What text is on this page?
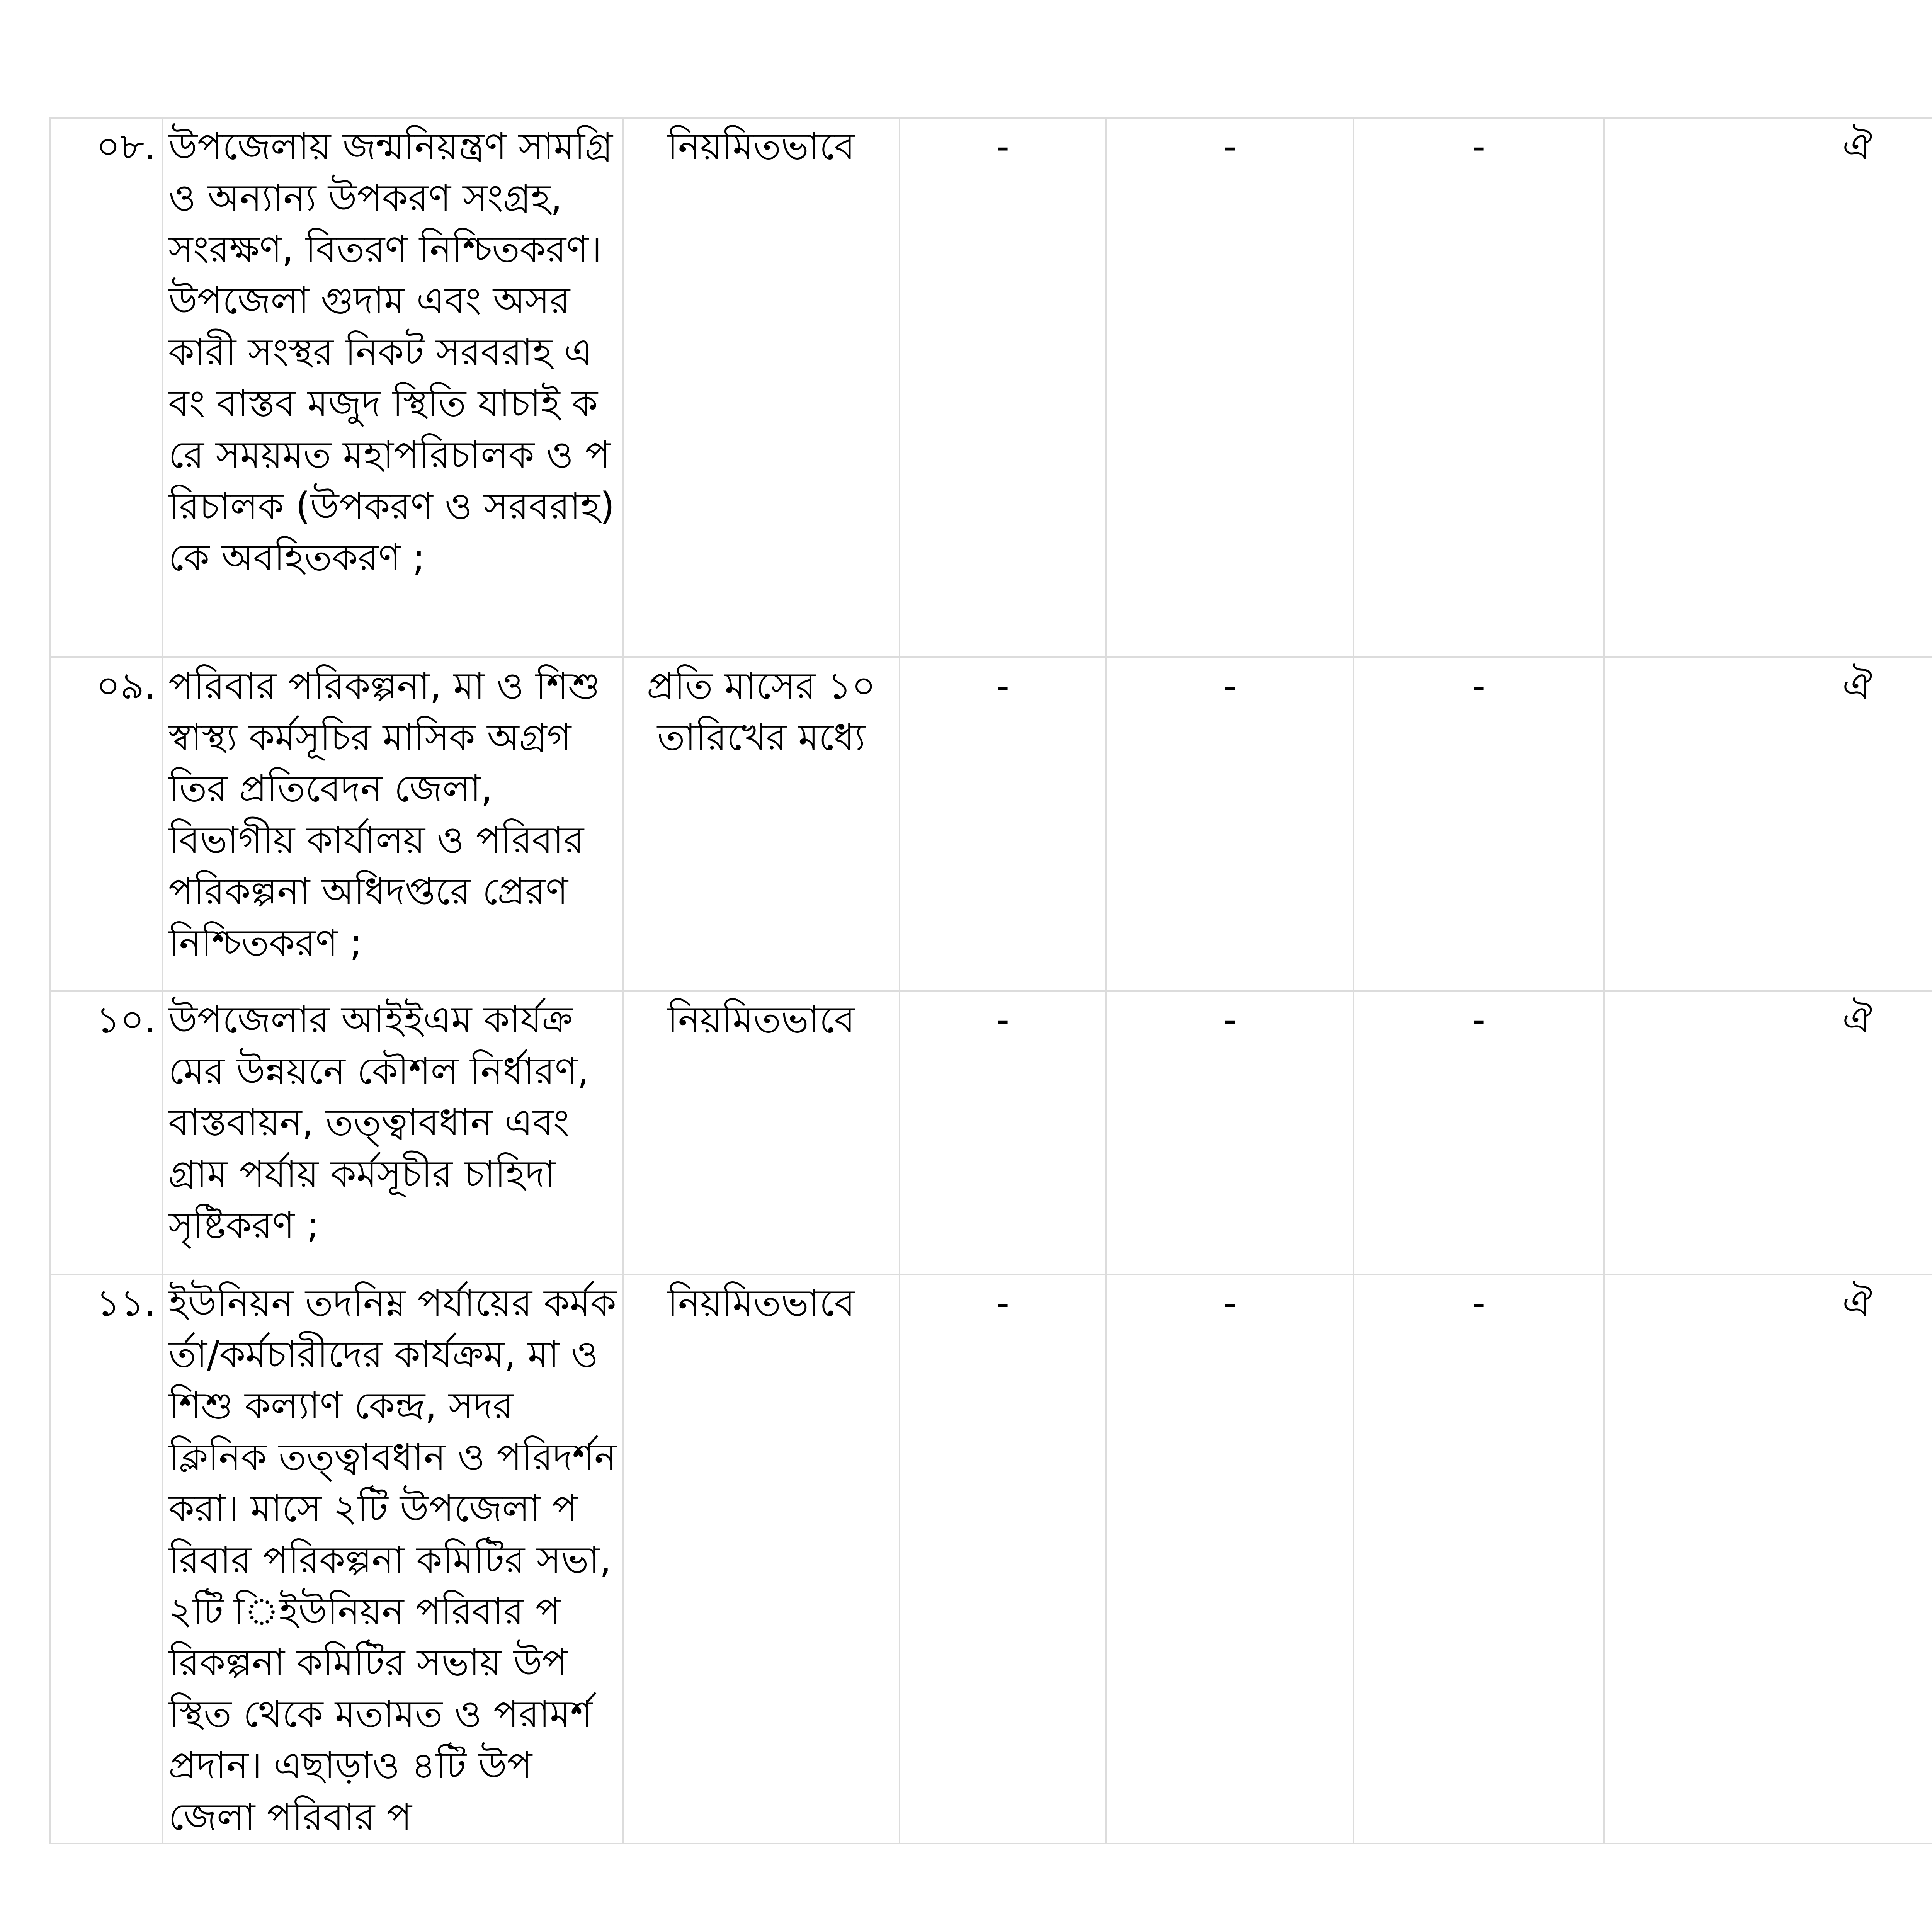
০৮.	উপজেলায় জন্মনিয়ন্ত্রণ সামগ্রি ও অন্যান্য উপকরণ সংগ্রহ, সংরক্ষণ, বিতরণ নিশ্চিতকরণ। উপজেলা গুদাম এবং অসরকারী সংস্থর নিকট সরবরাহ এবং বাস্তব মজুদ স্থিতি যাচাই করে সময়মত মহাপরিচালক ও পরিচালক (উপকরণ ও সরবরাহ) কে অবহিতকরণ ;	নিয়মিতভাবে	-	-	-	ঐ	
০৯.	পরিবার পরিকল্পনা, মা ও শিশু স্বাস্থ্য কর্মসূচির মাসিক অগ্রগতির প্রতিবেদন জেলা, বিভাগীয় কার্যালয় ও পরিবার পরিকল্পনা অধিদপ্তরে প্রেরণ নিশ্চিতকরণ ;	প্রতি মাসের ১০ তারিখের মধ্যে	-	-	-	ঐ	
১০.	উপজেলার আইইএম কার্যক্রমের উন্নয়নে কৌশল নির্ধারণ, বাস্তবায়ন, তত্ত্বাবধান এবং গ্রাম পর্যায় কর্মসূচীর চাহিদা সৃষ্টিকরণ ;	নিয়মিতভাবে	-	-	-	ঐ	
১১.	ইউনিয়ন তদনিম্ন পর্যায়ের কর্মকর্তা/কর্মচারীদের কার্যক্রম, মা ও শিশু কল্যাণ কেন্দ্র, সদর ক্লিনিক তত্ত্বাবধান ও পরিদর্শন করা। মাসে ২টি উপজেলা পরিবার পরিকল্পনা কমিটির সভা, ২টি িইউনিয়ন পরিবার পরিকল্পনা কমিটির সভায় উপস্থিত থেকে মতামত ও পরামর্শ প্রদান। এছাড়াও ৪টি উপজেলা পরিবার প	নিয়মিতভাবে	-	-	-	ঐ	
